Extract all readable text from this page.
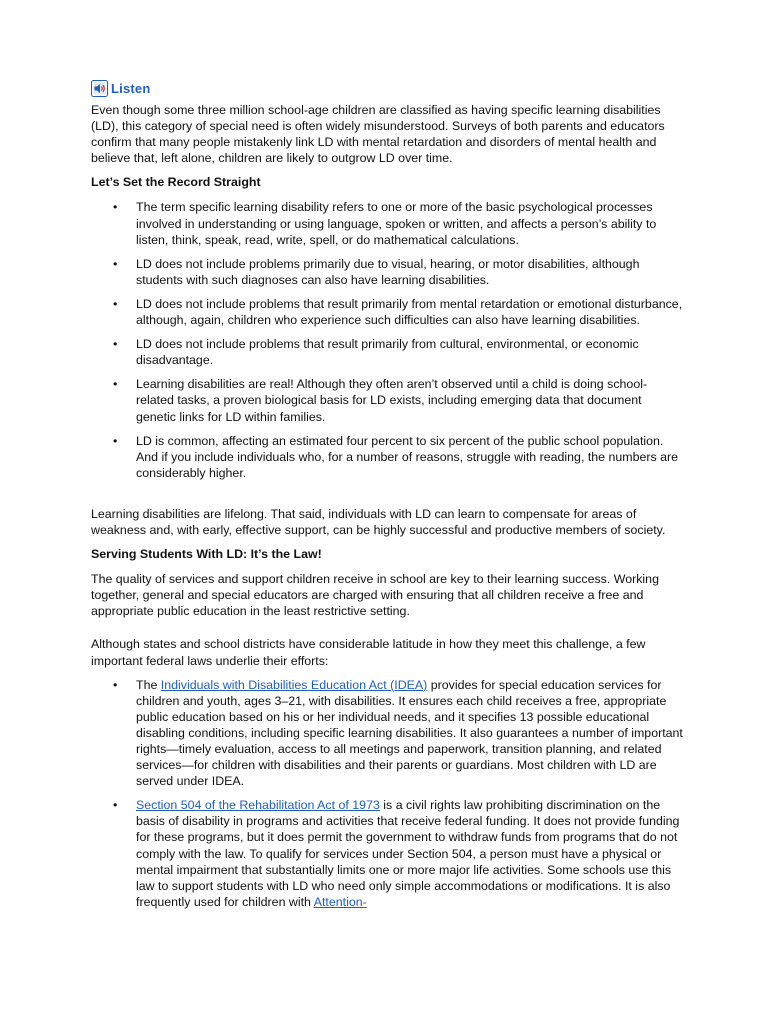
Listen

Even though some three million school-age children are classified as having specific learning disabilities (LD), this category of special need is often widely misunderstood. Surveys of both parents and educators confirm that many people mistakenly link LD with mental retardation and disorders of mental health and believe that, left alone, children are likely to outgrow LD over time.

Let’s Set the Record Straight

• The term specific learning disability refers to one or more of the basic psychological processes involved in understanding or using language, spoken or written, and affects a person’s ability to listen, think, speak, read, write, spell, or do mathematical calculations.
• LD does not include problems primarily due to visual, hearing, or motor disabilities, although students with such diagnoses can also have learning disabilities.
• LD does not include problems that result primarily from mental retardation or emotional disturbance, although, again, children who experience such difficulties can also have learning disabilities.
• LD does not include problems that result primarily from cultural, environmental, or economic disadvantage.
• Learning disabilities are real! Although they often aren’t observed until a child is doing school-related tasks, a proven biological basis for LD exists, including emerging data that document genetic links for LD within families.
• LD is common, affecting an estimated four percent to six percent of the public school population. And if you include individuals who, for a number of reasons, struggle with reading, the numbers are considerably higher.

Learning disabilities are lifelong. That said, individuals with LD can learn to compensate for areas of weakness and, with early, effective support, can be highly successful and productive members of society.

Serving Students With LD: It’s the Law!

The quality of services and support children receive in school are key to their learning success. Working together, general and special educators are charged with ensuring that all children receive a free and appropriate public education in the least restrictive setting.

Although states and school districts have considerable latitude in how they meet this challenge, a few important federal laws underlie their efforts:

• The Individuals with Disabilities Education Act (IDEA) provides for special education services for children and youth, ages 3–21, with disabilities. It ensures each child receives a free, appropriate public education based on his or her individual needs, and it specifies 13 possible educational disabling conditions, including specific learning disabilities. It also guarantees a number of important rights—timely evaluation, access to all meetings and paperwork, transition planning, and related services—for children with disabilities and their parents or guardians. Most children with LD are served under IDEA.
• Section 504 of the Rehabilitation Act of 1973 is a civil rights law prohibiting discrimination on the basis of disability in programs and activities that receive federal funding. It does not provide funding for these programs, but it does permit the government to withdraw funds from programs that do not comply with the law. To qualify for services under Section 504, a person must have a physical or mental impairment that substantially limits one or more major life activities. Some schools use this law to support students with LD who need only simple accommodations or modifications. It is also frequently used for children with Attention-
